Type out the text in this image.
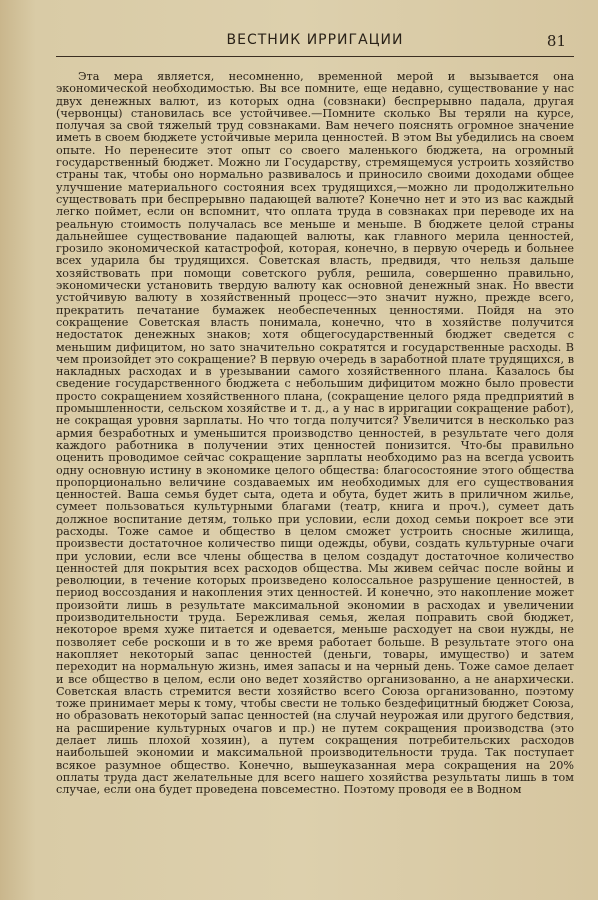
ВЕСТНИК ИРРИГАЦИИ	81
Эта мера является, несомненно, временной мерой и вызывается она экономической необходимостью. Вы все помните, еще недавно, существование у нас двух денежных валют, из которых одна (совзнаки) беспрерывно падала, другая (червонцы) становилась все устойчивее.—Помните сколько Вы теряли на курсе, получая за свой тяжелый труд совзнаками. Вам нечего пояснять огромное значение иметь в своем бюджете устойчивые мерила ценностей. В этом Вы убедились на своем опыте. Но перенесите этот опыт со своего маленького бюджета, на огромный государственный бюджет. Можно ли Государству, стремящемуся устроить хозяйство страны так, чтобы оно нормально развивалось и приносило своими доходами общее улучшение материального состояния всех трудящихся,—можно ли продолжительно существовать при беспрерывно падающей валюте? Конечно нет и это из вас каждый легко поймет, если он вспомнит, что оплата труда в совзнаках при переводе их на реальную стоимость получалась все меньше и меньше. В бюджете целой страны дальнейшее существование падающей валюты, как главного мерила ценностей, грозило экономической катастрофой, которая, конечно, в первую очередь и больнее всех ударила бы трудящихся. Советская власть, предвидя, что нельзя дальше хозяйствовать при помощи советского рубля, решила, совершенно правильно, экономически установить твердую валюту как основной денежный знак. Но ввести устойчивую валюту в хозяйственный процесс—это значит нужно, прежде всего, прекратить печатание бумажек необеспеченных ценностями. Пойдя на это сокращение Советская власть понимала, конечно, что в хозяйстве получится недостаток денежных знаков; хотя общегосударственный бюджет сведется с меньшим дифицитом, но зато значительно сократятся и государственные расходы. В чем произойдет это сокращение? В первую очередь в заработной плате трудящихся, в накладных расходах и в урезывании самого хозяйственного плана. Казалось бы сведение государственного бюджета с небольшим дифицитом можно было провести просто сокращением хозяйственного плана, (сокращение целого ряда предприятий в промышленности, сельском хозяйстве и т. д., а у нас в ирригации сокращение работ), не сокращая уровня зарплаты. Но что тогда получится? Увеличится в несколько раз армия безработных и уменьшится производство ценностей, в результате чего доля каждого работника в получении этих ценностей понизится. Что-бы правильно оценить проводимое сейчас сокращение зарплаты необходимо раз на всегда усвоить одну основную истину в экономике целого общества: благосостояние этого общества пропорционально величине создаваемых им необходимых для его существования ценностей. Ваша семья будет сыта, одета и обута, будет жить в приличном жилье, сумеет пользоваться культурными благами (театр, книга и проч.), сумеет дать должное воспитание детям, только при условии, если доход семьи покроет все эти расходы. Тоже самое и общество в целом сможет устроить сносные жилища, произвести достаточное количество пищи одежды, обуви, создать культурные очаги при условии, если все члены общества в целом создадут достаточное количество ценностей для покрытия всех расходов общества. Мы живем сейчас после войны и революции, в течение которых произведено колоссальное разрушение ценностей, в период воссоздания и накопления этих ценностей. И конечно, это накопление может произойти лишь в результате максимальной экономии в расходах и увеличении производительности труда. Бережливая семья, желая поправить свой бюджет, некоторое время хуже питается и одевается, меньше расходует на свои нужды, не позволяет себе роскоши и в то же время работает больше. В результате этого она накопляет некоторый запас ценностей (деньги, товары, имущество) и затем переходит на нормальную жизнь, имея запасы и на черный день. Тоже самое делает и все общество в целом, если оно ведет хозяйство организованно, а не анархически. Советская власть стремится вести хозяйство всего Союза организованно, поэтому тоже принимает меры к тому, чтобы свести не только бездефицитный бюджет Союза, но образовать некоторый запас ценностей (на случай неурожая или другого бедствия, на расширение культурных очагов и пр.) не путем сокращения производства (это делает лишь плохой хозяин), а путем сокращения потребительских расходов наибольшей экономии и максимальной производительности труда. Так поступает всякое разумное общество. Конечно, вышеуказанная мера сокращения на 20% оплаты труда даст желательные для всего нашего хозяйства результаты лишь в том случае, если она будет проведена повсеместно. Поэтому проводя ее в Водном
